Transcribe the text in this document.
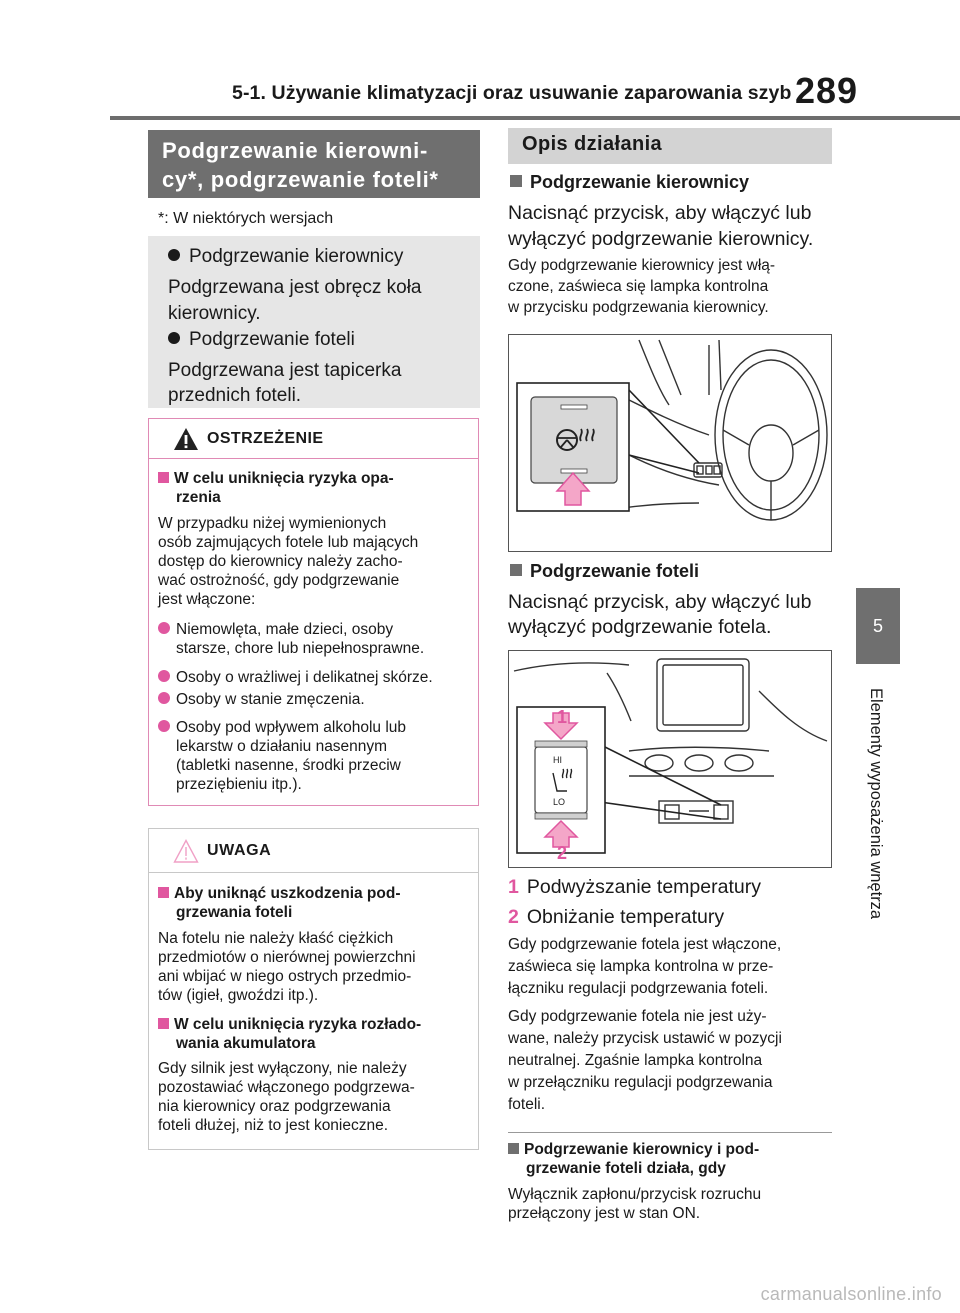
5-1. Używanie klimatyzacji oraz usuwanie zaparowania szyb 289
5
Elementy wyposażenia wnętrza
Podgrzewanie kierowni-
cy*, podgrzewanie foteli*
*: W niektórych wersjach
Podgrzewanie kierownicy
Podgrzewana jest obręcz koła
kierownicy.
Podgrzewanie foteli
Podgrzewana jest tapicerka
przednich foteli.
OSTRZEŻENIE
W celu uniknięcia ryzyka opa-
rzenia
W przypadku niżej wymienionych
osób zajmujących fotele lub mających
dostęp do kierownicy należy zacho-
wać ostrożność, gdy podgrzewanie
jest włączone:
Niemowlęta, małe dzieci, osoby
starsze, chore lub niepełnosprawne.
Osoby o wrażliwej i delikatnej skórze.
Osoby w stanie zmęczenia.
Osoby pod wpływem alkoholu lub
lekarstw o działaniu nasennym
(tabletki nasenne, środki przeciw
przeziębieniu itp.).
UWAGA
Aby uniknąć uszkodzenia pod-
grzewania foteli
Na fotelu nie należy kłaść ciężkich
przedmiotów o nierównej powierzchni
ani wbijać w niego ostrych przedmio-
tów (igieł, gwoździ itp.).
W celu uniknięcia ryzyka rozłado-
wania akumulatora
Gdy silnik jest wyłączony, nie należy
pozostawiać włączonego podgrzewa-
nia kierownicy oraz podgrzewania
foteli dłużej, niż to jest konieczne.
Opis działania
Podgrzewanie kierownicy
Nacisnąć przycisk, aby włączyć lub
wyłączyć podgrzewanie kierownicy.
Gdy podgrzewanie kierownicy jest włą-
czone, zaświeca się lampka kontrolna
w przycisku podgrzewania kierownicy.
Podgrzewanie foteli
Nacisnąć przycisk, aby włączyć lub
wyłączyć podgrzewanie fotela.
HI
LO
1
2
1 Podwyższanie temperatury
2 Obniżanie temperatury
Gdy podgrzewanie fotela jest włączone,
zaświeca się lampka kontrolna w prze-
łączniku regulacji podgrzewania foteli.
Gdy podgrzewanie fotela nie jest uży-
wane, należy przycisk ustawić w pozycji
neutralnej. Zgaśnie lampka kontrolna
w przełączniku regulacji podgrzewania
foteli.
Podgrzewanie kierownicy i pod-
grzewanie foteli działa, gdy
Wyłącznik zapłonu/przycisk rozruchu
przełączony jest w stan ON.
carmanualsonline.info
